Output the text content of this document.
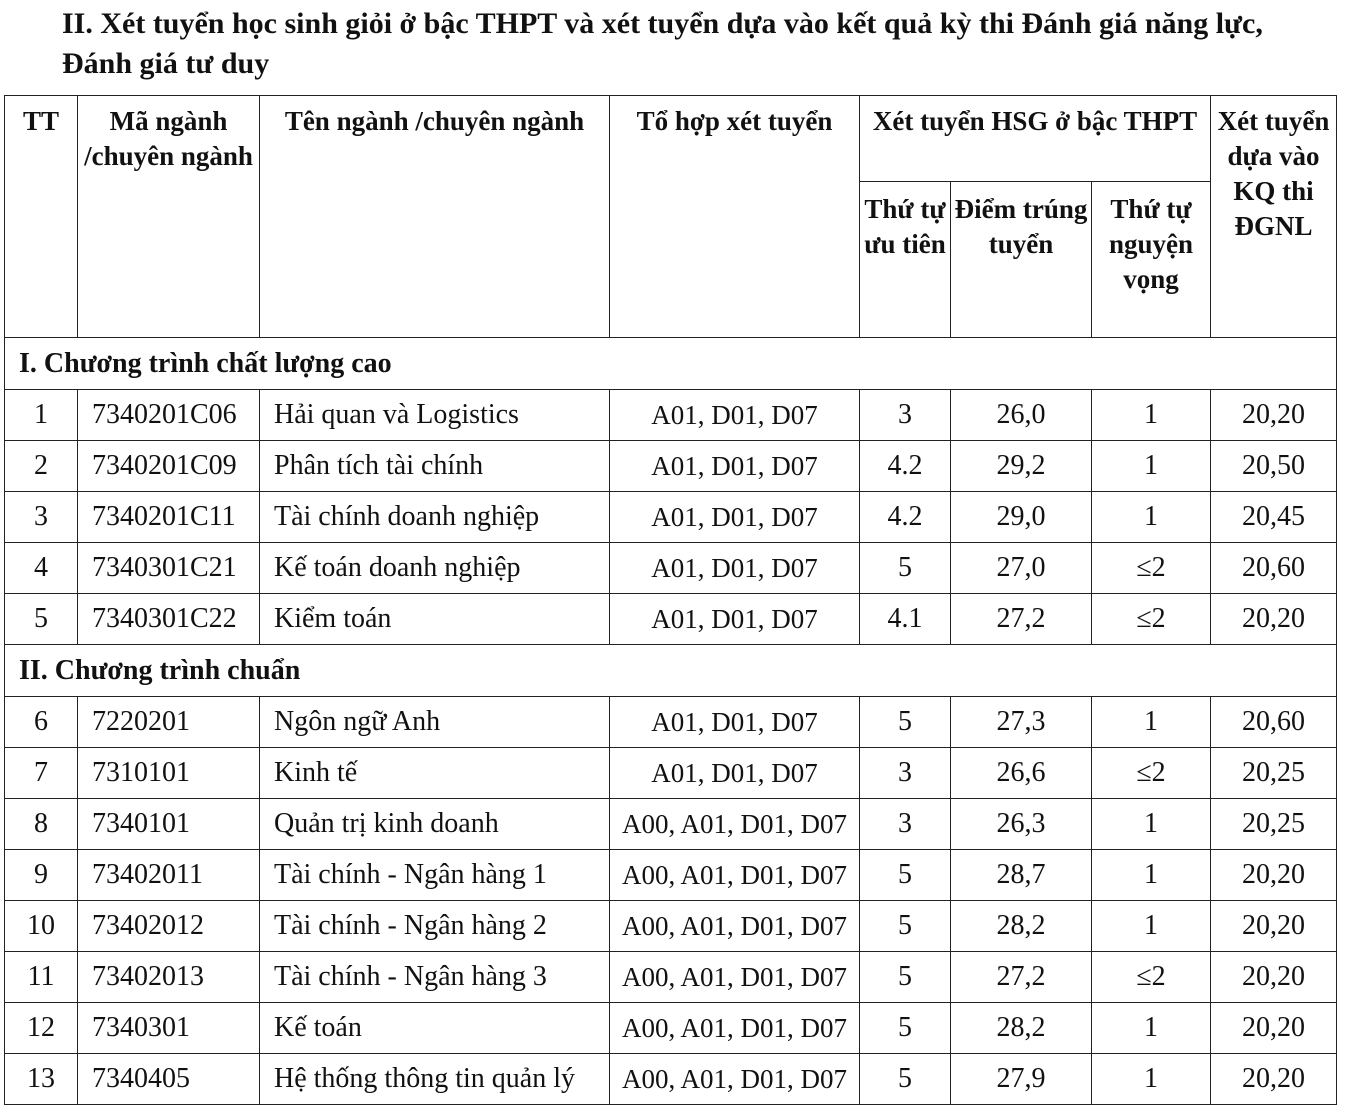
II. Xét tuyển học sinh giỏi ở bậc THPT và xét tuyển dựa vào kết quả kỳ thi Đánh giá năng lực, Đánh giá tư duy
TT	Mã ngành /chuyên ngành	Tên ngành /chuyên ngành	Tổ hợp xét tuyển	Xét tuyển HSG ở bậc THPT			Xét tuyển dựa vào KQ thi ĐGNL
				Thứ tự ưu tiên	Điểm trúng tuyển	Thứ tự nguyện vọng	
I. Chương trình chất lượng cao							
1	7340201C06	Hải quan và Logistics	A01, D01, D07	3	26,0	1	20,20
2	7340201C09	Phân tích tài chính	A01, D01, D07	4.2	29,2	1	20,50
3	7340201C11	Tài chính doanh nghiệp	A01, D01, D07	4.2	29,0	1	20,45
4	7340301C21	Kế toán doanh nghiệp	A01, D01, D07	5	27,0	≤2	20,60
5	7340301C22	Kiểm toán	A01, D01, D07	4.1	27,2	≤2	20,20
II. Chương trình chuẩn							
6	7220201	Ngôn ngữ Anh	A01, D01, D07	5	27,3	1	20,60
7	7310101	Kinh tế	A01, D01, D07	3	26,6	≤2	20,25
8	7340101	Quản trị kinh doanh	A00, A01, D01, D07	3	26,3	1	20,25
9	73402011	Tài chính - Ngân hàng 1	A00, A01, D01, D07	5	28,7	1	20,20
10	73402012	Tài chính - Ngân hàng 2	A00, A01, D01, D07	5	28,2	1	20,20
11	73402013	Tài chính - Ngân hàng 3	A00, A01, D01, D07	5	27,2	≤2	20,20
12	7340301	Kế toán	A00, A01, D01, D07	5	28,2	1	20,20
13	7340405	Hệ thống thông tin quản lý	A00, A01, D01, D07	5	27,9	1	20,20
